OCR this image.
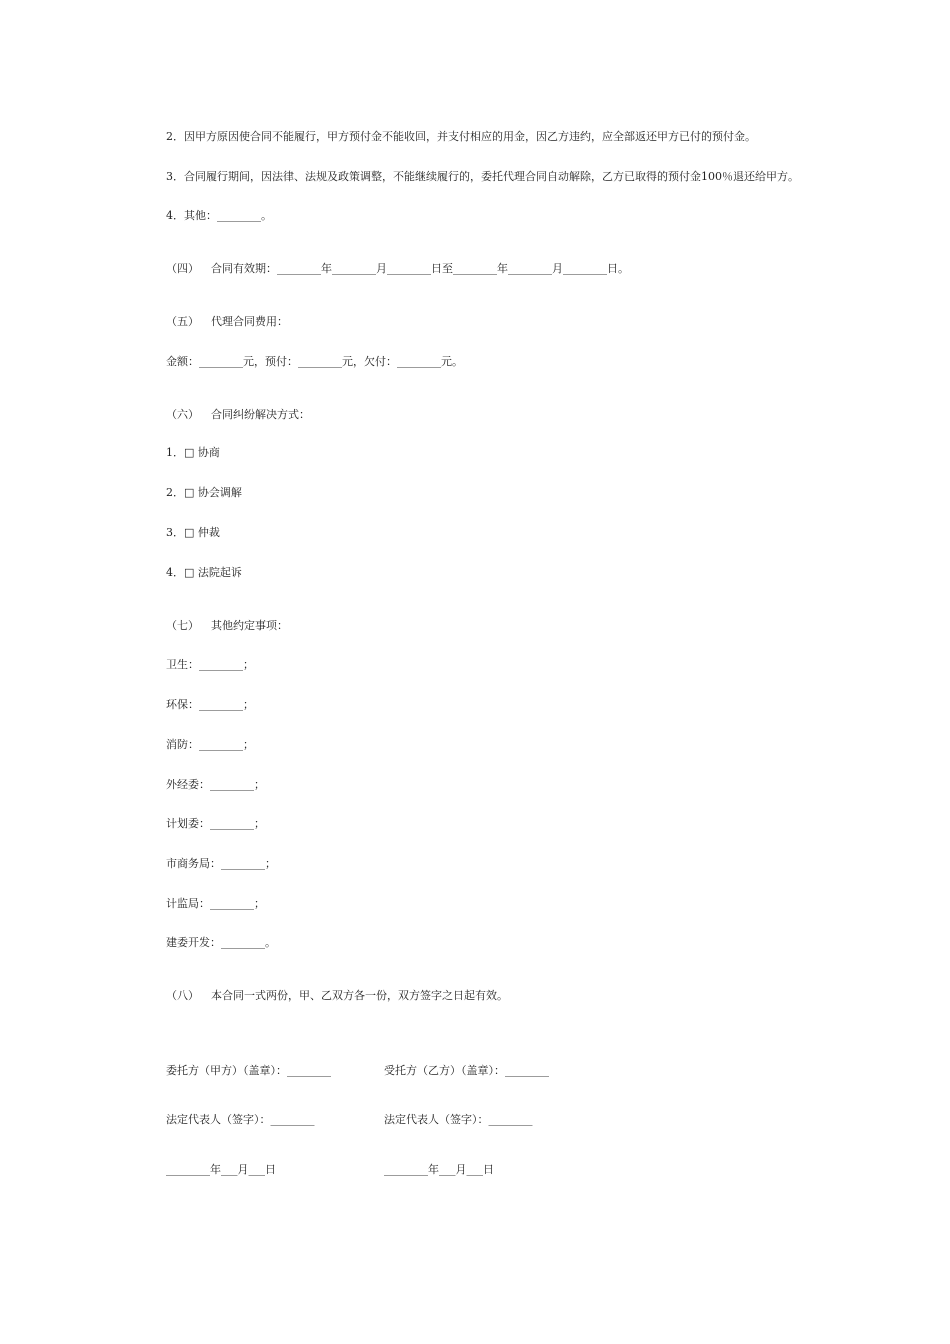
2．因甲方原因使合同不能履行，甲方预付金不能收回，并支付相应的用金，因乙方违约，应全部返还甲方已付的预付金。
3．合同履行期间，因法律、法规及政策调整，不能继续履行的，委托代理合同自动解除，乙方已取得的预付金100％退还给甲方。
4．其他：________。
（四） 合同有效期：________年________月________日至________年________月________日。
（五） 代理合同费用：
金额：________元，预付：________元，欠付：________元。
（六） 合同纠纷解决方式：
1．□ 协商
2．□ 协会调解
3．□ 仲裁
4．□ 法院起诉
（七） 其他约定事项：
卫生：________；
环保：________；
消防：________；
外经委：________；
计划委：________；
市商务局：________；
计监局：________；
建委开发：________。
（八） 本合同一式两份，甲、乙双方各一份，双方签字之日起有效。
委托方（甲方）（盖章）：________	受托方（乙方）（盖章）：________
法定代表人（签字）：________	法定代表人（签字）：________
________年___月___日	________年___月___日
